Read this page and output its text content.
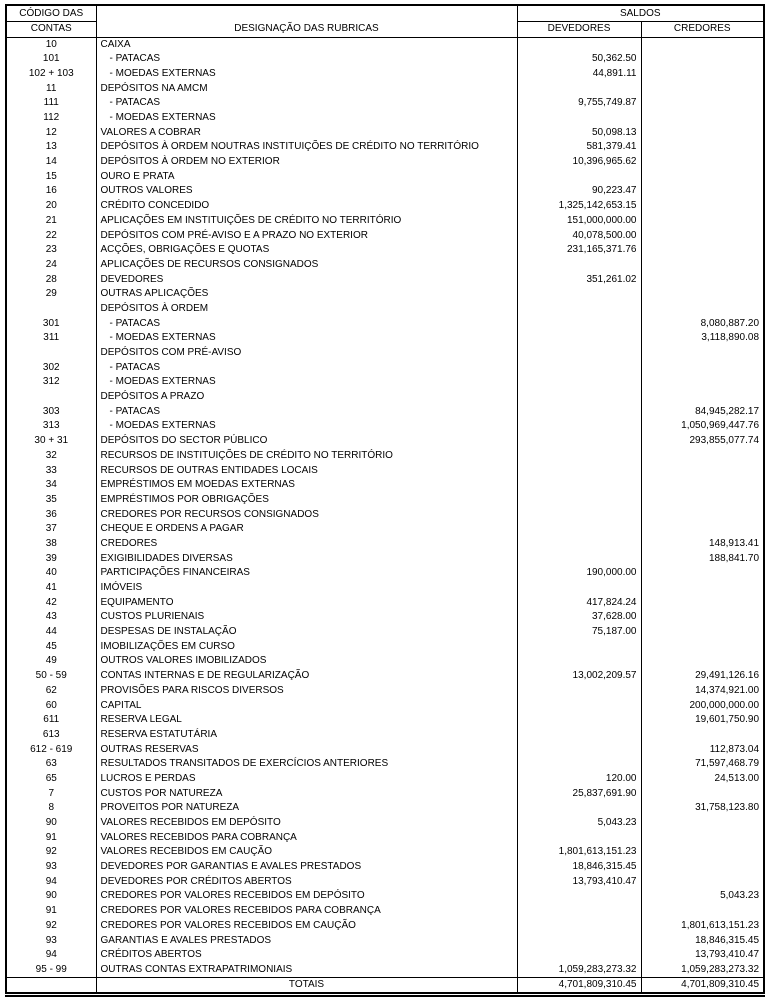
CÓDIGO DAS	DESIGNAÇÃO DAS RUBRICAS	SALDOS	
CONTAS		DEVEDORES	CREDORES
10	CAIXA		
101	- PATACAS	50,362.50	
102 + 103	- MOEDAS EXTERNAS	44,891.11	
11	DEPÓSITOS NA AMCM		
111	- PATACAS	9,755,749.87	
112	- MOEDAS EXTERNAS		
12	VALORES A COBRAR	50,098.13	
13	DEPÓSITOS À ORDEM NOUTRAS INSTITUIÇÕES DE CRÉDITO NO TERRITÓRIO	581,379.41	
14	DEPÓSITOS À ORDEM NO EXTERIOR	10,396,965.62	
15	OURO E PRATA		
16	OUTROS VALORES	90,223.47	
20	CRÉDITO CONCEDIDO	1,325,142,653.15	
21	APLICAÇÕES EM INSTITUIÇÕES DE CRÉDITO NO TERRITÓRIO	151,000,000.00	
22	DEPÓSITOS COM PRÉ-AVISO E A PRAZO NO EXTERIOR	40,078,500.00	
23	ACÇÕES, OBRIGAÇÕES E QUOTAS	231,165,371.76	
24	APLICAÇÕES DE RECURSOS CONSIGNADOS		
28	DEVEDORES	351,261.02	
29	OUTRAS APLICAÇÕES		
	DEPÓSITOS À ORDEM		
301	- PATACAS		8,080,887.20
311	- MOEDAS EXTERNAS		3,118,890.08
	DEPÓSITOS COM PRÉ-AVISO		
302	- PATACAS		
312	- MOEDAS EXTERNAS		
	DEPÓSITOS A PRAZO		
303	- PATACAS		84,945,282.17
313	- MOEDAS EXTERNAS		1,050,969,447.76
30 + 31	DEPÓSITOS DO SECTOR PÚBLICO		293,855,077.74
32	RECURSOS DE INSTITUIÇÕES DE CRÉDITO NO TERRITÓRIO		
33	RECURSOS DE OUTRAS ENTIDADES LOCAIS		
34	EMPRÉSTIMOS EM MOEDAS EXTERNAS		
35	EMPRÉSTIMOS POR OBRIGAÇÕES		
36	CREDORES POR RECURSOS CONSIGNADOS		
37	CHEQUE E ORDENS A PAGAR		
38	CREDORES		148,913.41
39	EXIGIBILIDADES DIVERSAS		188,841.70
40	PARTICIPAÇÕES FINANCEIRAS	190,000.00	
41	IMÓVEIS		
42	EQUIPAMENTO	417,824.24	
43	CUSTOS PLURIENAIS	37,628.00	
44	DESPESAS DE INSTALAÇÃO	75,187.00	
45	IMOBILIZAÇÕES EM CURSO		
49	OUTROS VALORES IMOBILIZADOS		
50 - 59	CONTAS INTERNAS E DE REGULARIZAÇÃO	13,002,209.57	29,491,126.16
62	PROVISÕES PARA RISCOS DIVERSOS		14,374,921.00
60	CAPITAL		200,000,000.00
611	RESERVA LEGAL		19,601,750.90
613	RESERVA ESTATUTÁRIA		
612 - 619	OUTRAS RESERVAS		112,873.04
63	RESULTADOS TRANSITADOS DE EXERCÍCIOS ANTERIORES		71,597,468.79
65	LUCROS E PERDAS	120.00	24,513.00
7	CUSTOS POR NATUREZA	25,837,691.90	
8	PROVEITOS POR NATUREZA		31,758,123.80
90	VALORES RECEBIDOS EM DEPÓSITO	5,043.23	
91	VALORES RECEBIDOS PARA COBRANÇA		
92	VALORES RECEBIDOS EM CAUÇÃO	1,801,613,151.23	
93	DEVEDORES POR GARANTIAS E AVALES PRESTADOS	18,846,315.45	
94	DEVEDORES POR CRÉDITOS ABERTOS	13,793,410.47	
90	CREDORES POR VALORES RECEBIDOS EM DEPÓSITO		5,043.23
91	CREDORES POR VALORES RECEBIDOS PARA COBRANÇA		
92	CREDORES POR VALORES RECEBIDOS EM CAUÇÃO		1,801,613,151.23
93	GARANTIAS E AVALES PRESTADOS		18,846,315.45
94	CRÉDITOS ABERTOS		13,793,410.47
95 - 99	OUTRAS CONTAS EXTRAPATRIMONIAIS	1,059,283,273.32	1,059,283,273.32
	TOTAIS	4,701,809,310.45	4,701,809,310.45
